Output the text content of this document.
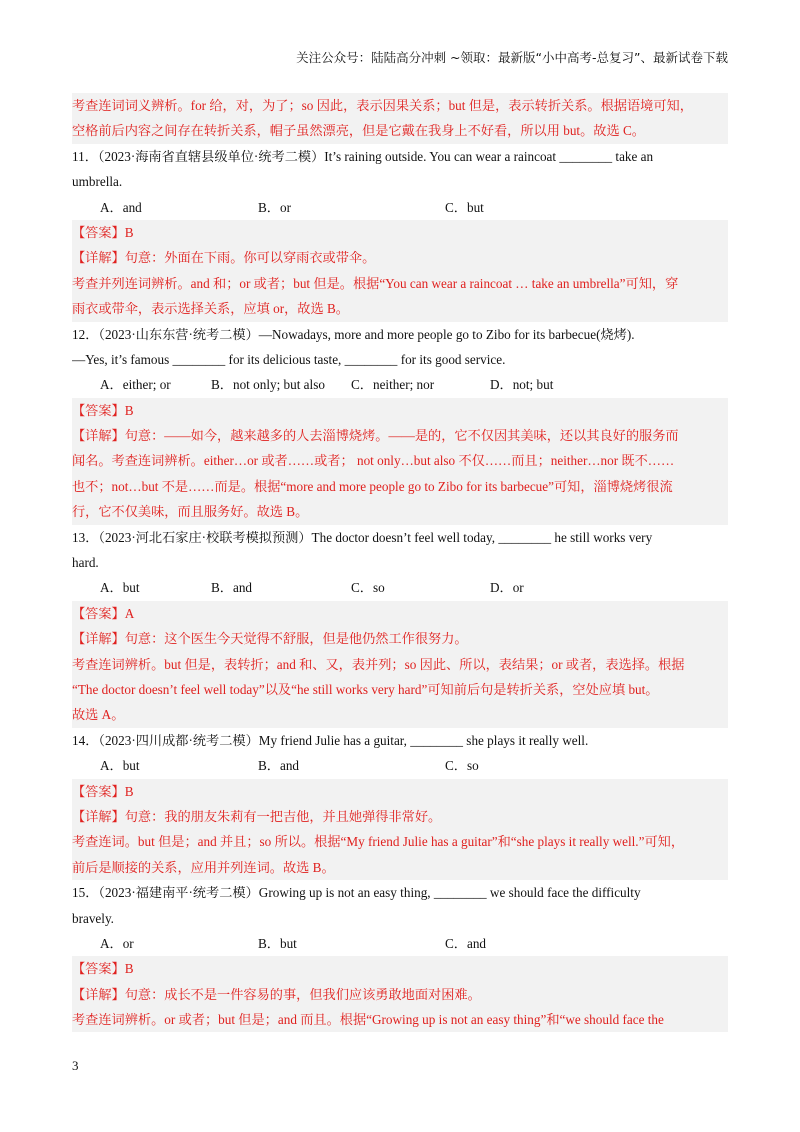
关注公众号：陆陆高分冲刺 ~领取：最新版“小中高考-总复习”、最新试卷下载
考查连词词义辨析。for 给，对，为了；so 因此，表示因果关系；but 但是，表示转折关系。根据语境可知，
空格前后内容之间存在转折关系，帽子虽然漂亮，但是它戴在我身上不好看，所以用 but。故选 C。
11．（2023·海南省直辖县级单位·统考二模）It’s raining outside. You can wear a raincoat ________ take an
umbrella.
A．and	B．or	C．but
【答案】B
【详解】句意：外面在下雨。你可以穿雨衣或带伞。
考查并列连词辨析。and 和；or 或者；but 但是。根据“You can wear a raincoat … take an umbrella”可知，穿
雨衣或带伞，表示选择关系，应填 or，故选 B。
12．（2023·山东东营·统考二模）—Nowadays, more and more people go to Zibo for its barbecue(烧烤).
—Yes, it’s famous ________ for its delicious taste, ________ for its good service.
A．either; or	B．not only; but also C．neither; nor	D．not; but
【答案】B
【详解】句意：——如今，越来越多的人去淄博烧烤。——是的，它不仅因其美味，还以其良好的服务而
闻名。考查连词辨析。either…or 或者……或者； not only…but also 不仅……而且；neither…nor 既不……
也不；not…but 不是……而是。根据“more and more people go to Zibo for its barbecue”可知，淄博烧烤很流
行，它不仅美味，而且服务好。故选 B。
13．（2023·河北石家庄·校联考模拟预测）The doctor doesn’t feel well today, ________ he still works very
hard.
A．but	B．and	C．so	D．or
【答案】A
【详解】句意：这个医生今天觉得不舒服，但是他仍然工作很努力。
考查连词辨析。but 但是，表转折；and 和、又，表并列；so 因此、所以，表结果；or 或者，表选择。根据
“The doctor doesn’t feel well today”以及“he still works very hard”可知前后句是转折关系，空处应填 but。
故选 A。
14．（2023·四川成都·统考二模）My friend Julie has a guitar, ________ she plays it really well.
A．but	B．and	C．so
【答案】B
【详解】句意：我的朋友朱莉有一把吉他，并且她弹得非常好。
考查连词。but 但是；and 并且；so 所以。根据“My friend Julie has a guitar”和“she plays it really well.”可知，
前后是顺接的关系，应用并列连词。故选 B。
15．（2023·福建南平·统考二模）Growing up is not an easy thing, ________ we should face the difficulty
bravely.
A．or	B．but	C．and
【答案】B
【详解】句意：成长不是一件容易的事，但我们应该勇敢地面对困难。
考查连词辨析。or 或者；but 但是；and 而且。根据“Growing up is not an easy thing”和“we should face the
3
